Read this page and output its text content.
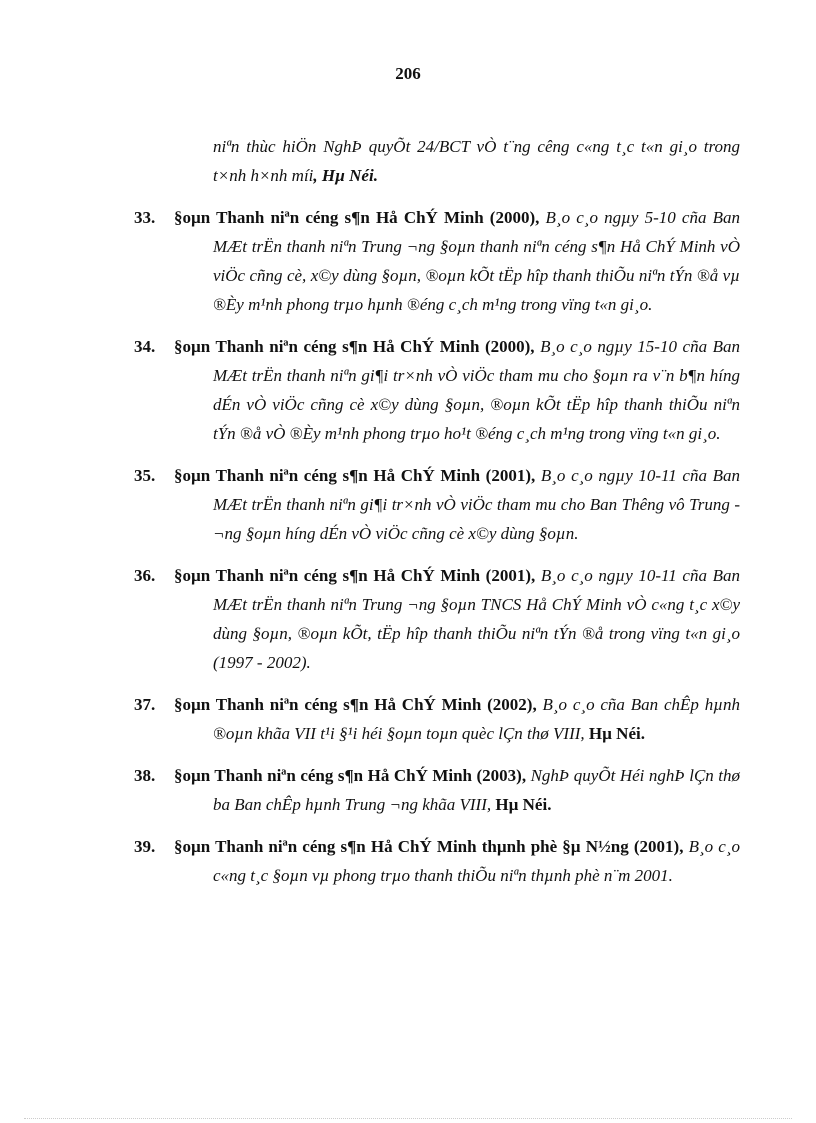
206
niªn thùc hiÖn NghÞ quyÕt 24/BCT vÒ t¨ng cêng c«ng t¸c t«n gi¸o trong t×nh h×nh míi, Hµ Néi.
33.	§oµn Thanh niªn céng s¶n Hå ChÝ Minh (2000), B¸o c¸o ngµy 5-10 cña Ban MÆt trËn thanh niªn Trung ¬ng §oµn thanh niªn céng s¶n Hå ChÝ Minh vÒ viÖc cñng cè, x©y dùng §oµn, ®oµn kÕt tËp hîp thanh thiÕu niªn tÝn ®å vµ ®Èy m¹nh phong trµo hµnh ®éng c¸ch m¹ng trong vïng t«n gi¸o.
34.	§oµn Thanh niªn céng s¶n Hå ChÝ Minh (2000), B¸o c¸o ngµy 15-10 cña Ban MÆt trËn thanh niªn gi¶i tr×nh vÒ viÖc tham mu cho §oµn ra v¨n b¶n híng dÉn vÒ viÖc cñng cè x©y dùng §oµn, ®oµn kÕt tËp hîp thanh thiÕu niªn tÝn ®å vÒ ®Èy m¹nh phong trµo ho¹t ®éng c¸ch m¹ng trong vïng t«n gi¸o.
35.	§oµn Thanh niªn céng s¶n Hå ChÝ Minh (2001), B¸o c¸o ngµy 10-11 cña Ban MÆt trËn thanh niªn gi¶i tr×nh vÒ viÖc tham mu cho Ban Thêng vô Trung ¬ng §oµn híng dÉn vÒ viÖc cñng cè x©y dùng §oµn.
36.	§oµn Thanh niªn céng s¶n Hå ChÝ Minh (2001), B¸o c¸o ngµy 10-11 cña Ban MÆt trËn thanh niªn Trung ¬ng §oµn TNCS Hå ChÝ Minh vÒ c«ng t¸c x©y dùng §oµn, ®oµn kÕt, tËp hîp thanh thiÕu niªn tÝn ®å trong vïng t«n gi¸o (1997 - 2002).
37.	§oµn Thanh niªn céng s¶n Hå ChÝ Minh (2002), B¸o c¸o cña Ban chÊp hµnh ®oµn khãa VII t¹i §¹i héi §oµn toµn quèc lÇn thø VIII, Hµ Néi.
38.	§oµn Thanh niªn céng s¶n Hå ChÝ Minh (2003), NghÞ quyÕt Héi nghÞ lÇn thø ba Ban chÊp hµnh Trung ¬ng khãa VIII, Hµ Néi.
39.	§oµn Thanh niªn céng s¶n Hå ChÝ Minh thµnh phè §µ N½ng (2001), B¸o c¸o c«ng t¸c §oµn vµ phong trµo thanh thiÕu niªn thµnh phè n¨m 2001.
